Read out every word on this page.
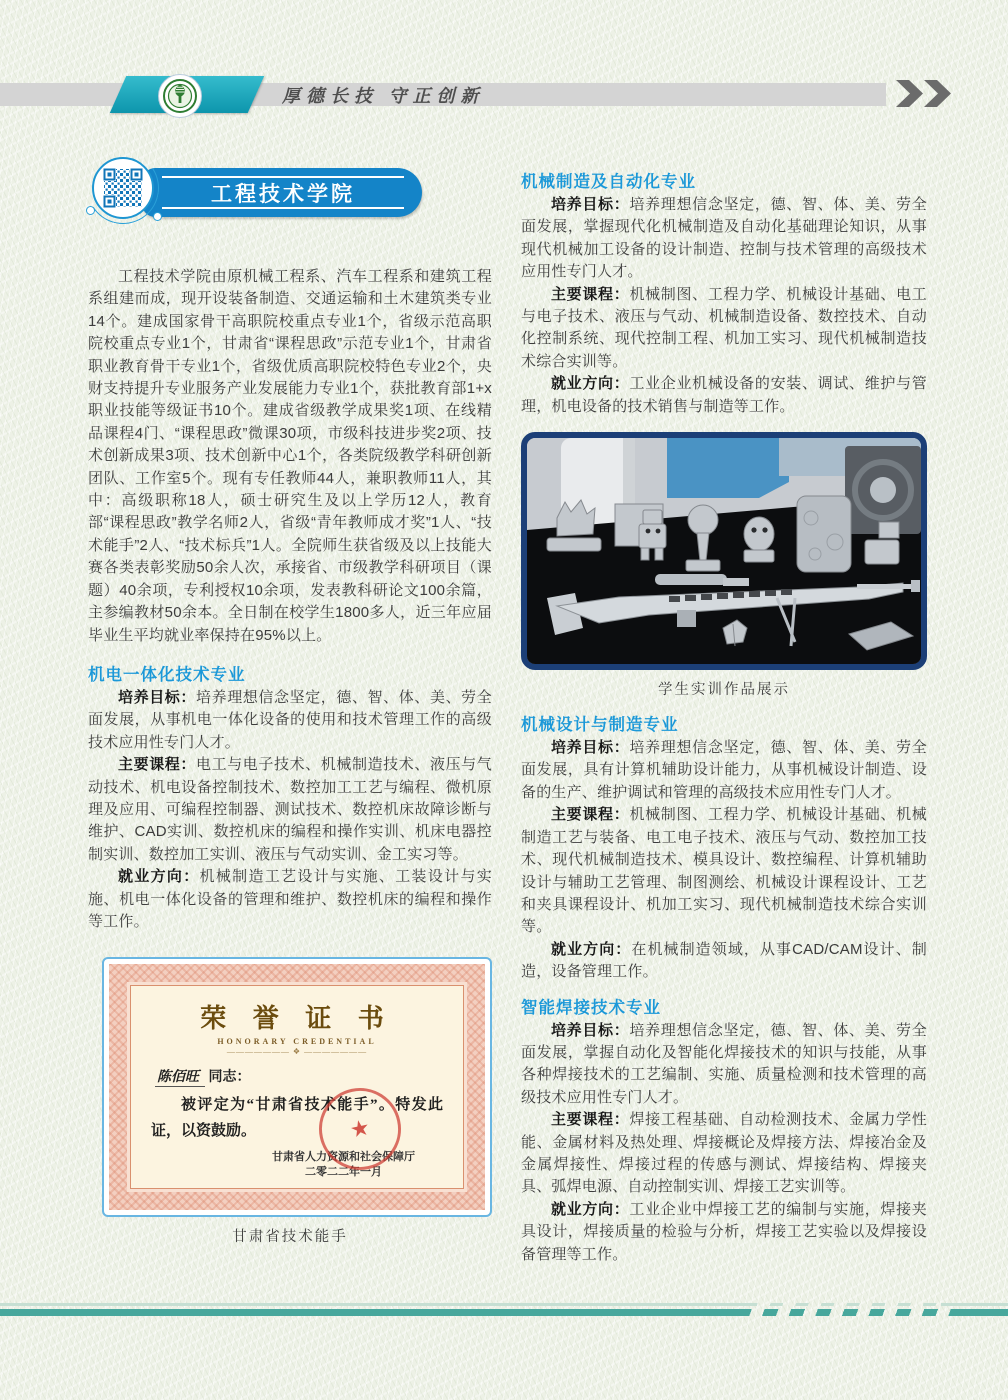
厚德长技 守正创新
工程技术学院

工程技术学院由原机械工程系、汽车工程系和建筑工程系组建而成，现开设装备制造、交通运输和土木建筑类专业14个。建成国家骨干高职院校重点专业1个，省级示范高职院校重点专业1个，甘肃省“课程思政”示范专业1个，甘肃省职业教育骨干专业1个，省级优质高职院校特色专业2个，央财支持提升专业服务产业发展能力专业1个，获批教育部1+x职业技能等级证书10个。建成省级教学成果奖1项、在线精品课程4门、“课程思政”微课30项，市级科技进步奖2项、技术创新成果3项、技术创新中心1个，各类院级教学科研创新团队、工作室5个。现有专任教师44人，兼职教师11人，其中：高级职称18人，硕士研究生及以上学历12人，教育部“课程思政”教学名师2人，省级“青年教师成才奖”1人、“技术能手”2人、“技术标兵”1人。全院师生获省级及以上技能大赛各类表彰奖励50余人次，承接省、市级教学科研项目（课题）40余项，专利授权10余项，发表教科研论文100余篇，主参编教材50余本。全日制在校学生1800多人，近三年应届毕业生平均就业率保持在95%以上。

机电一体化技术专业

培养目标：培养理想信念坚定，德、智、体、美、劳全面发展，从事机电一体化设备的使用和技术管理工作的高级技术应用性专门人才。

主要课程：电工与电子技术、机械制造技术、液压与气动技术、机电设备控制技术、数控加工工艺与编程、微机原理及应用、可编程控制器、测试技术、数控机床故障诊断与维护、CAD实训、数控机床的编程和操作实训、机床电器控制实训、数控加工实训、液压与气动实训、金工实习等。

就业方向：机械制造工艺设计与实施、工装设计与实施、机电一体化设备的管理和维护、数控机床的编程和操作等工作。

荣 誉 证 书
HONORARY CREDENTIAL
——————— ❖ ———————
陈佰旺 同志：

被评定为“甘肃省技术能手”。特发此证，以资鼓励。

甘肃省人力资源和社会保障厅
二零二二年一月
★
甘肃省技术能手
机械制造及自动化专业

培养目标：培养理想信念坚定，德、智、体、美、劳全面发展，掌握现代化机械制造及自动化基础理论知识，从事现代机械加工设备的设计制造、控制与技术管理的高级技术应用性专门人才。

主要课程：机械制图、工程力学、机械设计基础、电工与电子技术、液压与气动、机械制造设备、数控技术、自动化控制系统、现代控制工程、机加工实习、现代机械制造技术综合实训等。

就业方向：工业企业机械设备的安装、调试、维护与管理，机电设备的技术销售与制造等工作。

学生实训作品展示
机械设计与制造专业

培养目标：培养理想信念坚定，德、智、体、美、劳全面发展，具有计算机辅助设计能力，从事机械设计制造、设备的生产、维护调试和管理的高级技术应用性专门人才。

主要课程：机械制图、工程力学、机械设计基础、机械制造工艺与装备、电工电子技术、液压与气动、数控加工技术、现代机械制造技术、模具设计、数控编程、计算机辅助设计与辅助工艺管理、制图测绘、机械设计课程设计、工艺和夹具课程设计、机加工实习、现代机械制造技术综合实训等。

就业方向：在机械制造领域，从事CAD/CAM设计、制造，设备管理工作。

智能焊接技术专业

培养目标：培养理想信念坚定，德、智、体、美、劳全面发展，掌握自动化及智能化焊接技术的知识与技能，从事各种焊接技术的工艺编制、实施、质量检测和技术管理的高级技术应用性专门人才。

主要课程：焊接工程基础、自动检测技术、金属力学性能、金属材料及热处理、焊接概论及焊接方法、焊接冶金及金属焊接性、焊接过程的传感与测试、焊接结构、焊接夹具、弧焊电源、自动控制实训、焊接工艺实训等。

就业方向：工业企业中焊接工艺的编制与实施，焊接夹具设计，焊接质量的检验与分析，焊接工艺实验以及焊接设备管理等工作。
